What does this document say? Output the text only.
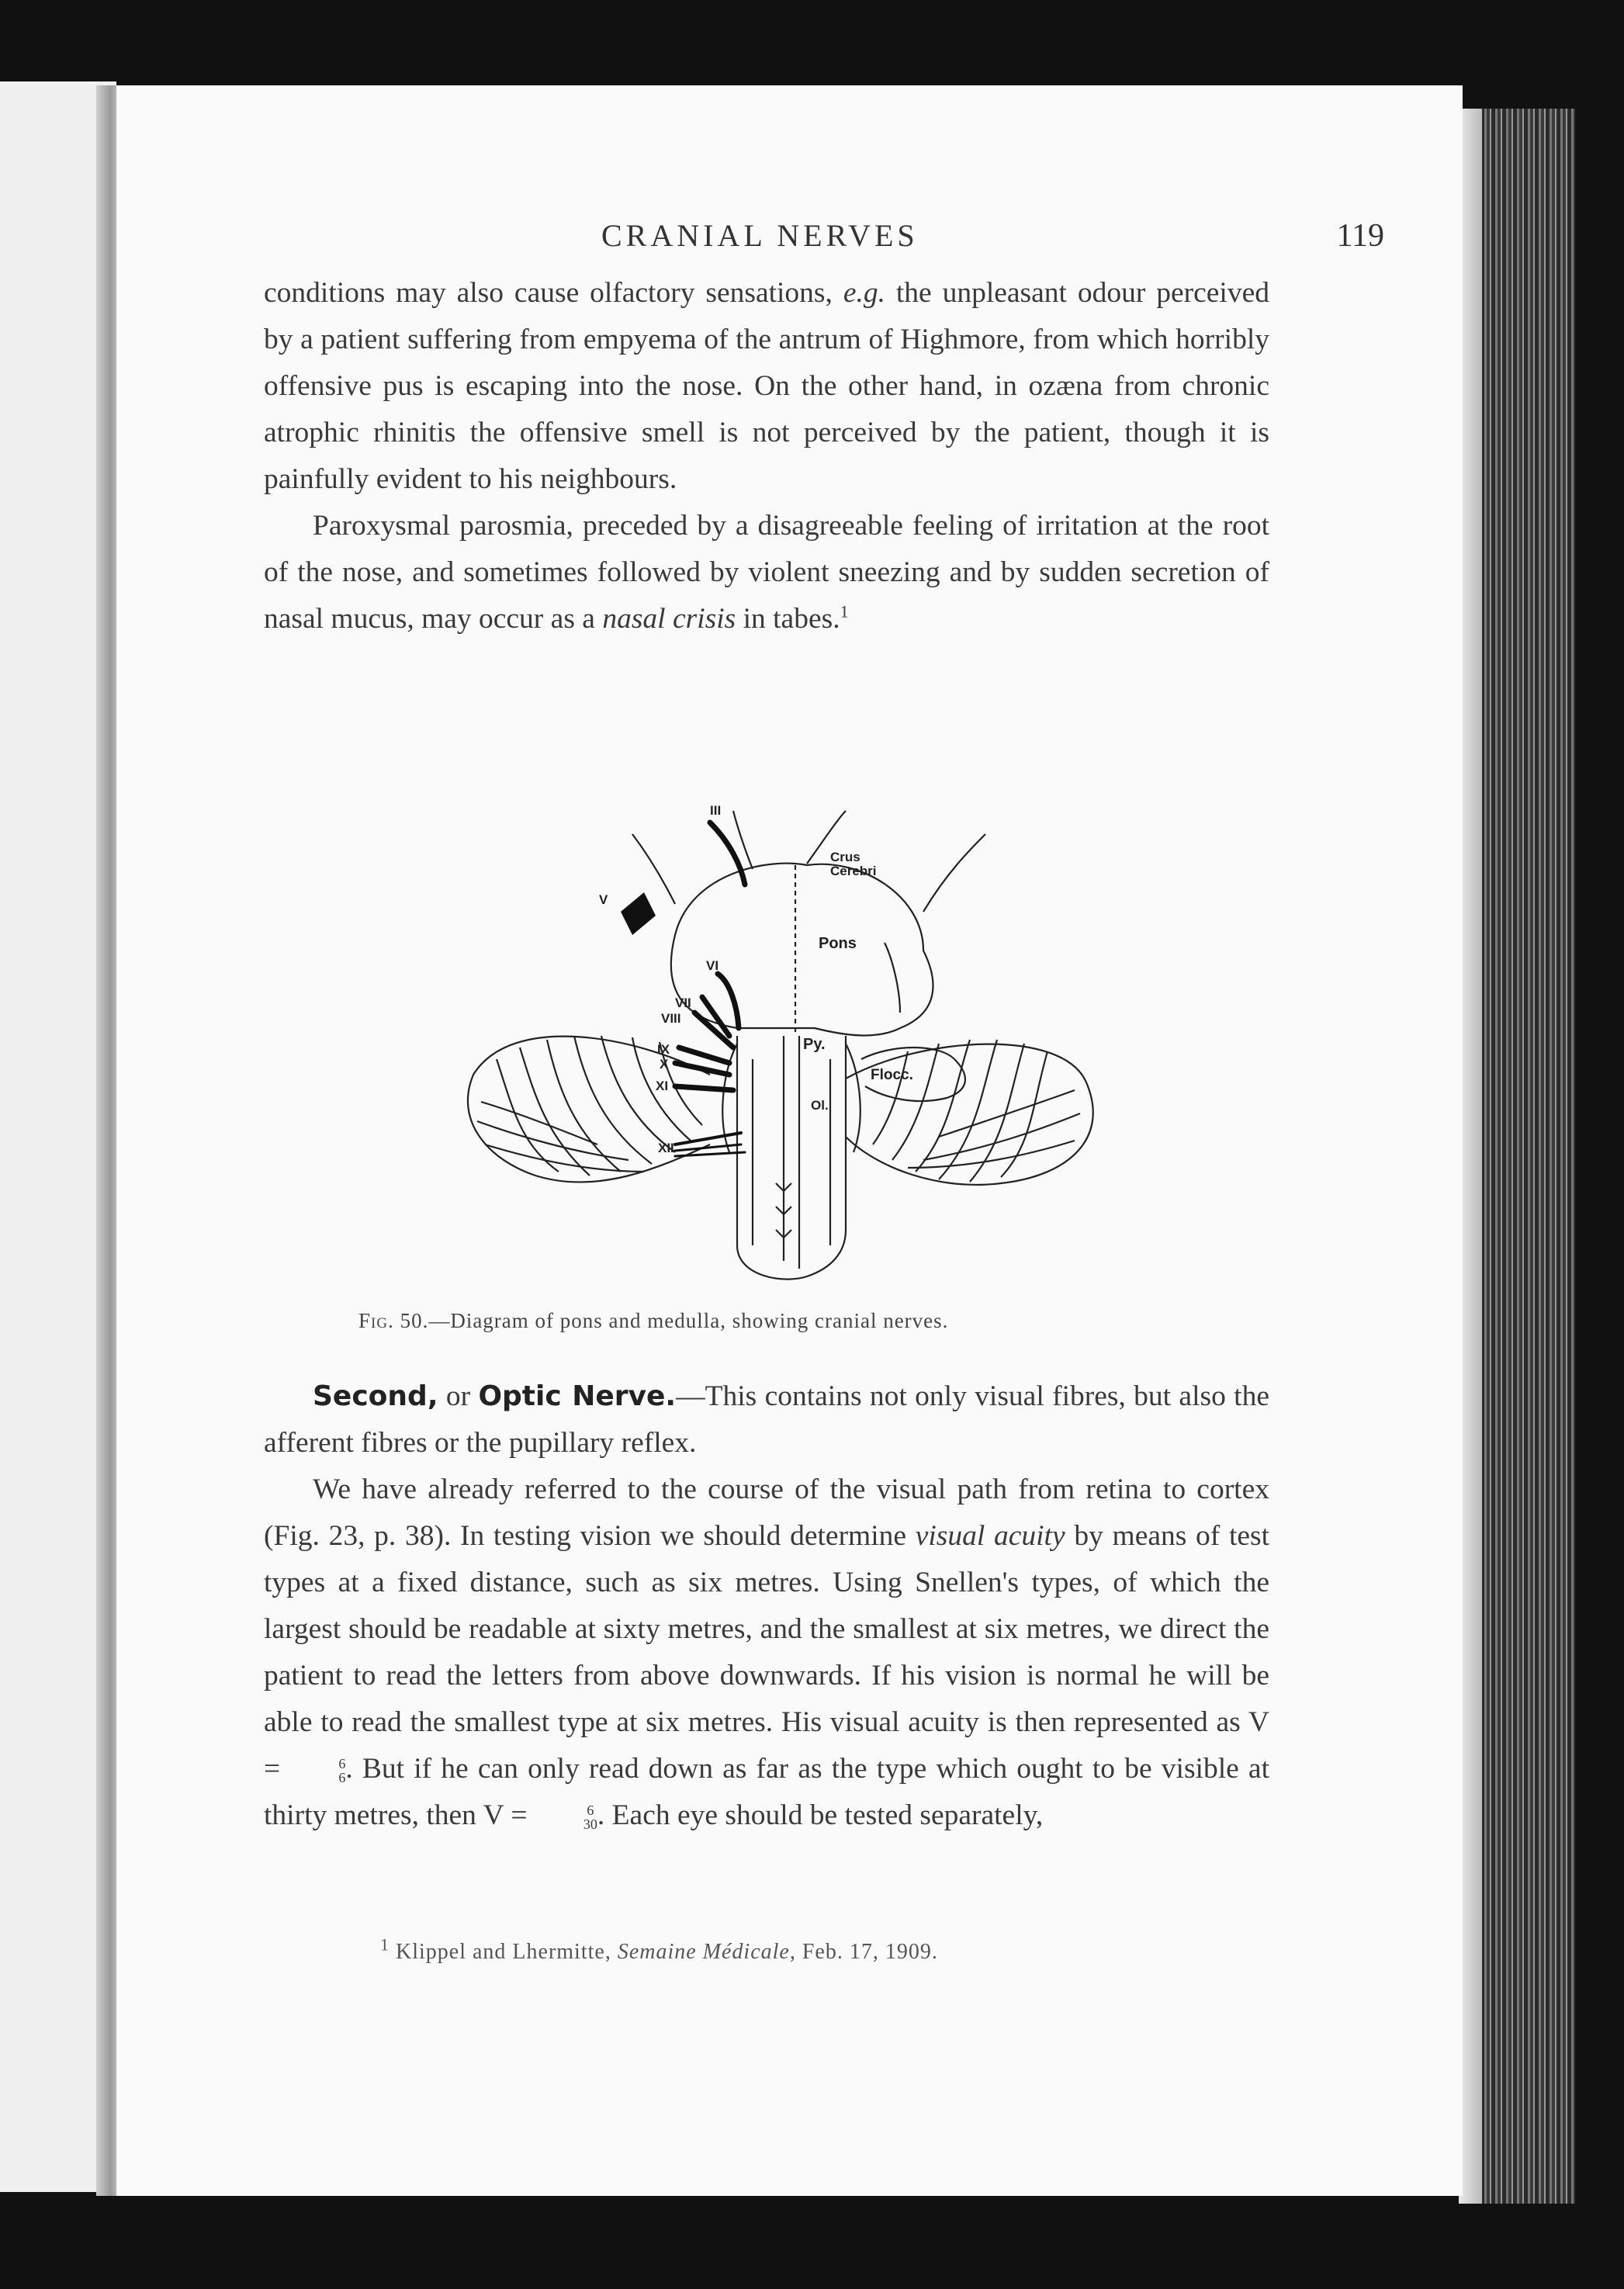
CRANIAL NERVES	119

conditions may also cause olfactory sensations, e.g. the unpleasant odour perceived by a patient suffering from empyema of the antrum of Highmore, from which horribly offensive pus is escaping into the nose. On the other hand, in ozæna from chronic atrophic rhinitis the offensive smell is not perceived by the patient, though it is painfully evident to his neighbours.

Paroxysmal parosmia, preceded by a disagreeable feeling of irritation at the root of the nose, and sometimes followed by violent sneezing and by sudden secretion of nasal mucus, may occur as a nasal crisis in tabes.$^1$

III
Crus
Cerebri
V
Pons
VI
VII
VIII
Py.
IX
X
XI
Flocc.
Ol.
XII
Fig. 50.—Diagram of pons and medulla, showing cranial nerves.

Second, or Optic Nerve.—This contains not only visual fibres, but also the afferent fibres or the pupillary reflex.

We have already referred to the course of the visual path from retina to cortex (Fig. 23, p. 38). In testing vision we should determine visual acuity by means of test types at a fixed distance, such as six metres. Using Snellen's types, of which the largest should be readable at sixty metres, and the smallest at six metres, we direct the patient to read the letters from above downwards. If his vision is normal he will be able to read the smallest type at six metres. His visual acuity is then represented as V =	6
6 . But if he can only read down as far as the type which ought to be visible at thirty metres, then V =	6
30 . Each eye should be tested separately,

$^1$ Klippel and Lhermitte, Semaine Médicale, Feb. 17, 1909.
